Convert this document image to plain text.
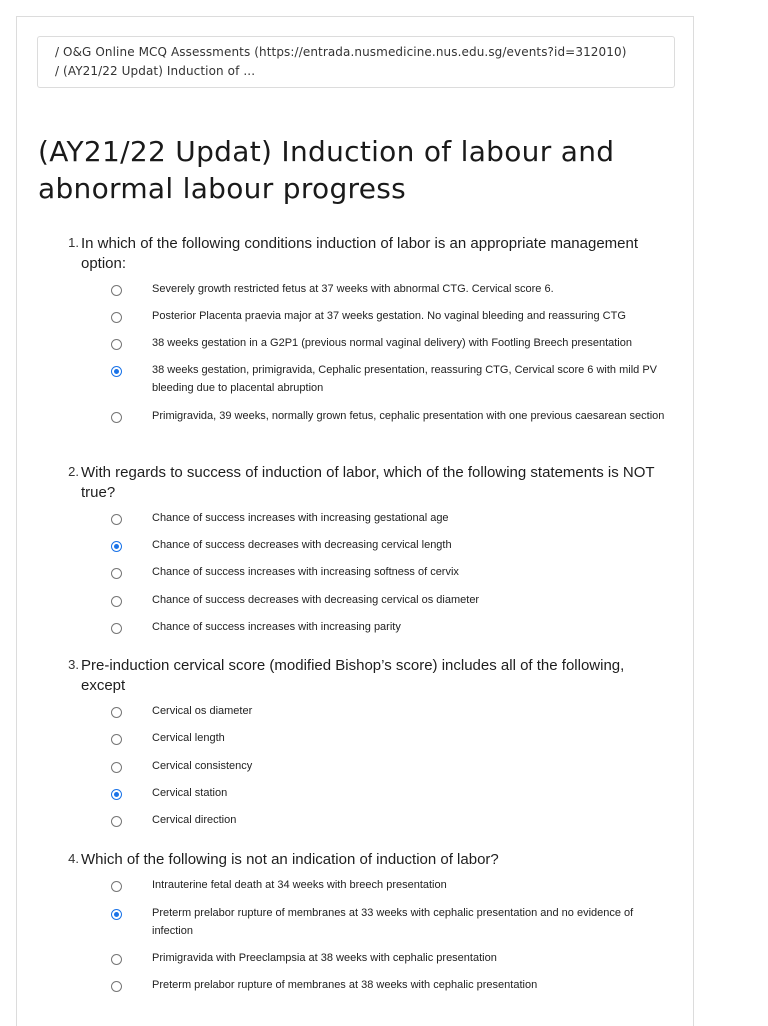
/ O&G Online MCQ Assessments (https://entrada.nusmedicine.nus.edu.sg/events?id=312010)
/ (AY21/22 Updat) Induction of ...
(AY21/22 Updat) Induction of labour and abnormal labour progress
1. In which of the following conditions induction of labor is an appropriate management option:
Severely growth restricted fetus at 37 weeks with abnormal CTG. Cervical score 6.
Posterior Placenta praevia major at 37 weeks gestation. No vaginal bleeding and reassuring CTG
38 weeks gestation in a G2P1 (previous normal vaginal delivery) with Footling Breech presentation
38 weeks gestation, primigravida, Cephalic presentation, reassuring CTG, Cervical score 6 with mild PV bleeding due to placental abruption
Primigravida, 39 weeks, normally grown fetus, cephalic presentation with one previous caesarean section
2. With regards to success of induction of labor, which of the following statements is NOT true?
Chance of success increases with increasing gestational age
Chance of success decreases with decreasing cervical length
Chance of success increases with increasing softness of cervix
Chance of success decreases with decreasing cervical os diameter
Chance of success increases with increasing parity
3. Pre-induction cervical score (modified Bishop’s score) includes all of the following, except
Cervical os diameter
Cervical length
Cervical consistency
Cervical station
Cervical direction
4. Which of the following is not an indication of induction of labor?
Intrauterine fetal death at 34 weeks with breech presentation
Preterm prelabor rupture of membranes at 33 weeks with cephalic presentation and no evidence of infection
Primigravida with Preeclampsia at 38 weeks with cephalic presentation
Preterm prelabor rupture of membranes at 38 weeks with cephalic presentation
